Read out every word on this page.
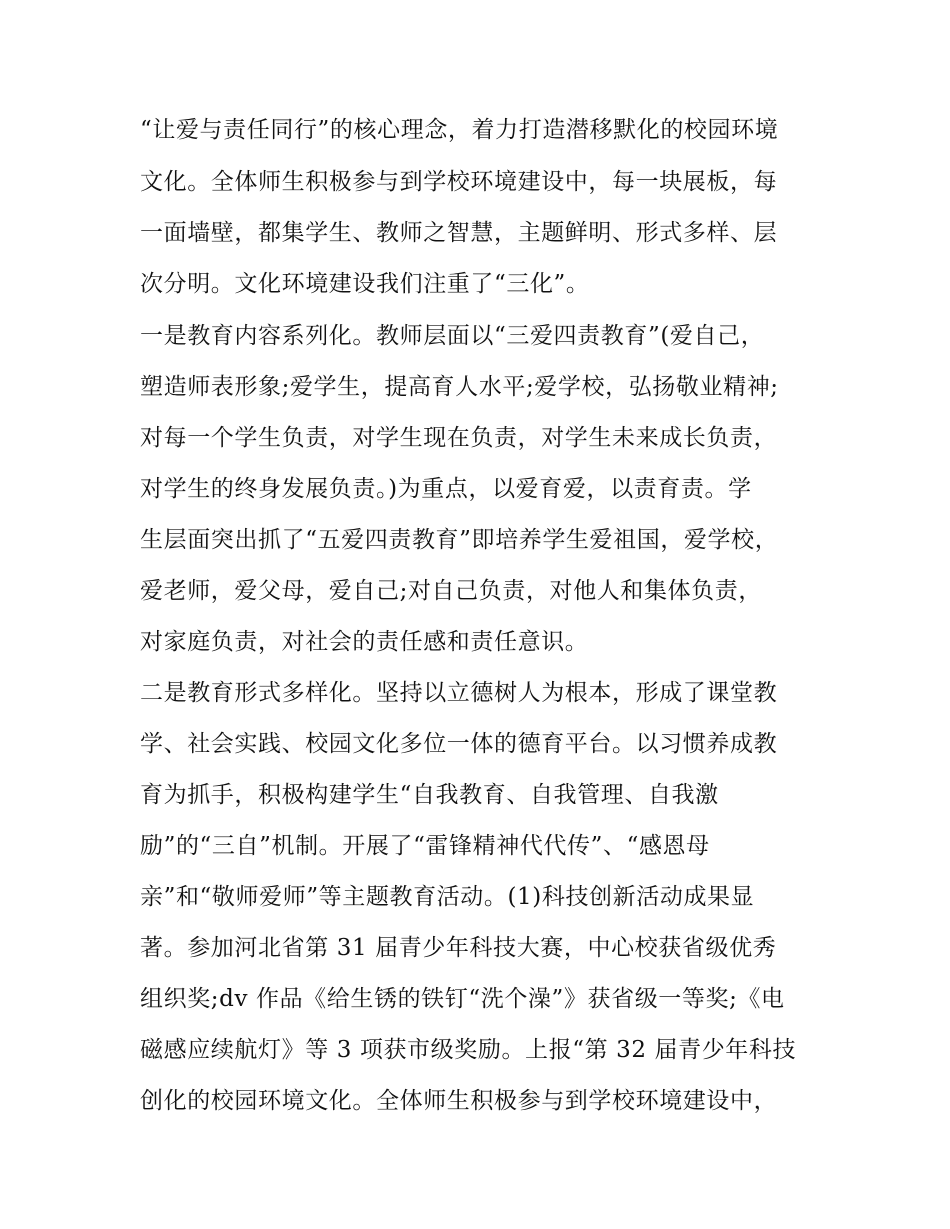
“让爱与责任同行”的核心理念，着力打造潜移默化的校园环境
文化。全体师生积极参与到学校环境建设中，每一块展板，每
一面墙壁，都集学生、教师之智慧，主题鲜明、形式多样、层
次分明。文化环境建设我们注重了“三化”。
一是教育内容系列化。教师层面以“三爱四责教育”(爱自己，
塑造师表形象;爱学生，提高育人水平;爱学校，弘扬敬业精神;
对每一个学生负责，对学生现在负责，对学生未来成长负责，
对学生的终身发展负责。)为重点，以爱育爱，以责育责。学
生层面突出抓了“五爱四责教育”即培养学生爱祖国，爱学校，
爱老师，爱父母，爱自己;对自己负责，对他人和集体负责，
对家庭负责，对社会的责任感和责任意识。
二是教育形式多样化。坚持以立德树人为根本，形成了课堂教
学、社会实践、校园文化多位一体的德育平台。以习惯养成教
育为抓手，积极构建学生“自我教育、自我管理、自我激
励”的“三自”机制。开展了“雷锋精神代代传”、“感恩母
亲”和“敬师爱师”等主题教育活动。(1)科技创新活动成果显
著。参加河北省第 31 届青少年科技大赛，中心校获省级优秀
组织奖;dv 作品《给生锈的铁钉“洗个澡”》获省级一等奖;《电
磁感应续航灯》等 3 项获市级奖励。上报“第 32 届青少年科技
创化的校园环境文化。全体师生积极参与到学校环境建设中，
